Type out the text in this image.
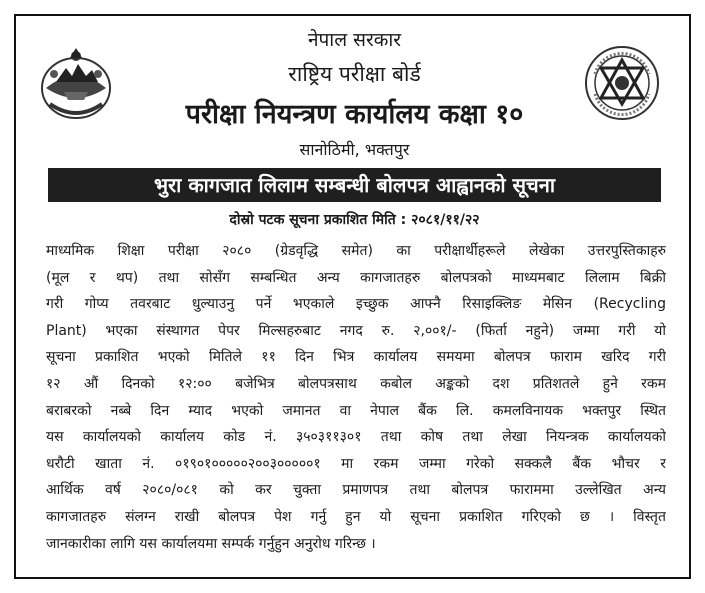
नेपाल सरकार
राष्ट्रिय परीक्षा बोर्ड
परीक्षा नियन्त्रण कार्यालय कक्षा १०
सानोठिमी, भक्तपुर
भुरा कागजात लिलाम सम्बन्धी बोलपत्र आह्वानको सूचना
दोस्रो पटक सूचना प्रकाशित मिति : २०८१/११/२२
माध्यमिक शिक्षा परीक्षा २०८० (ग्रेडवृद्धि समेत) का परीक्षार्थीहरूले लेखेका उत्तरपुस्तिकाहरु
(मूल र थप) तथा सोसँग सम्बन्धित अन्य कागजातहरु बोलपत्रको माध्यमबाट लिलाम बिक्री
गरी गोप्य तवरबाट धुल्याउनु पर्ने भएकाले इच्छुक आफ्नै रिसाइक्लिङ मेसिन (Recycling
Plant) भएका संस्थागत पेपर मिल्सहरुबाट नगद रु. २,००१/- (फिर्ता नहुने) जम्मा गरी यो
सूचना प्रकाशित भएको मितिले ११ दिन भित्र कार्यालय समयमा बोलपत्र फाराम खरिद गरी
१२ औं दिनको १२:०० बजेभित्र बोलपत्रसाथ कबोल अङ्कको दश प्रतिशतले हुने रकम
बराबरको नब्बे दिन म्याद भएको जमानत वा नेपाल बैंक लि. कमलविनायक भक्तपुर स्थित
यस कार्यालयको कार्यालय कोड नं. ३५०३११३०१ तथा कोष तथा लेखा नियन्त्रक कार्यालयको
धरौटी खाता नं. ०१९०१०००००२००३०००००१ मा रकम जम्मा गरेको सक्कलै बैंक भौचर र
आर्थिक वर्ष २०८०/०८१ को कर चुक्ता प्रमाणपत्र तथा बोलपत्र फाराममा उल्लेखित अन्य
कागजातहरु संलग्न राखी बोलपत्र पेश गर्नु हुन यो सूचना प्रकाशित गरिएको छ । विस्तृत
जानकारीका लागि यस कार्यालयमा सम्पर्क गर्नुहुन अनुरोध गरिन्छ ।
